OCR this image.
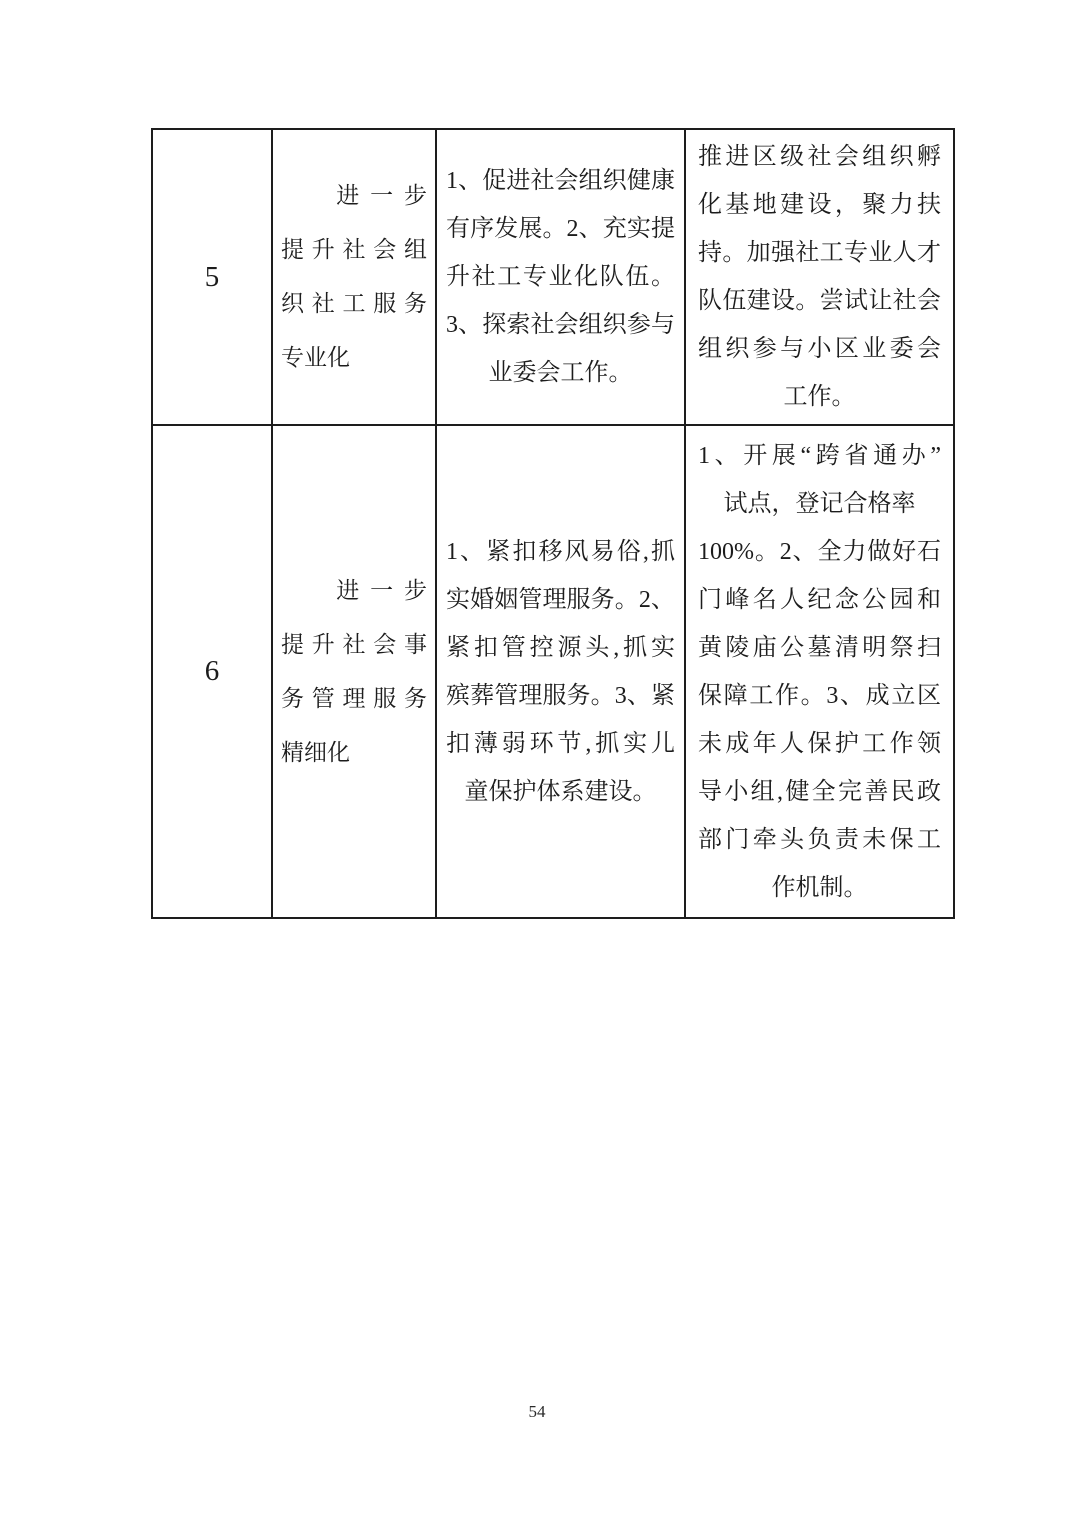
5
进一步
提升社会组
织社工服务
专业化
1、促进社会组织健康
有序发展。2、充实提
升社工专业化队伍。
3、探索社会组织参与
业委会工作。
推进区级社会组织孵
化基地建设，聚力扶
持。加强社工专业人才
队伍建设。尝试让社会
组织参与小区业委会
工作。
6
进一步
提升社会事
务管理服务
精细化
1、紧扣移风易俗,抓
实婚姻管理服务。2、
紧扣管控源头,抓实
殡葬管理服务。3、紧
扣薄弱环节,抓实儿
童保护体系建设。
1、开展“跨省通办”
试点，登记合格率
100%。2、全力做好石
门峰名人纪念公园和
黄陵庙公墓清明祭扫
保障工作。3、成立区
未成年人保护工作领
导小组,健全完善民政
部门牵头负责未保工
作机制。
54
